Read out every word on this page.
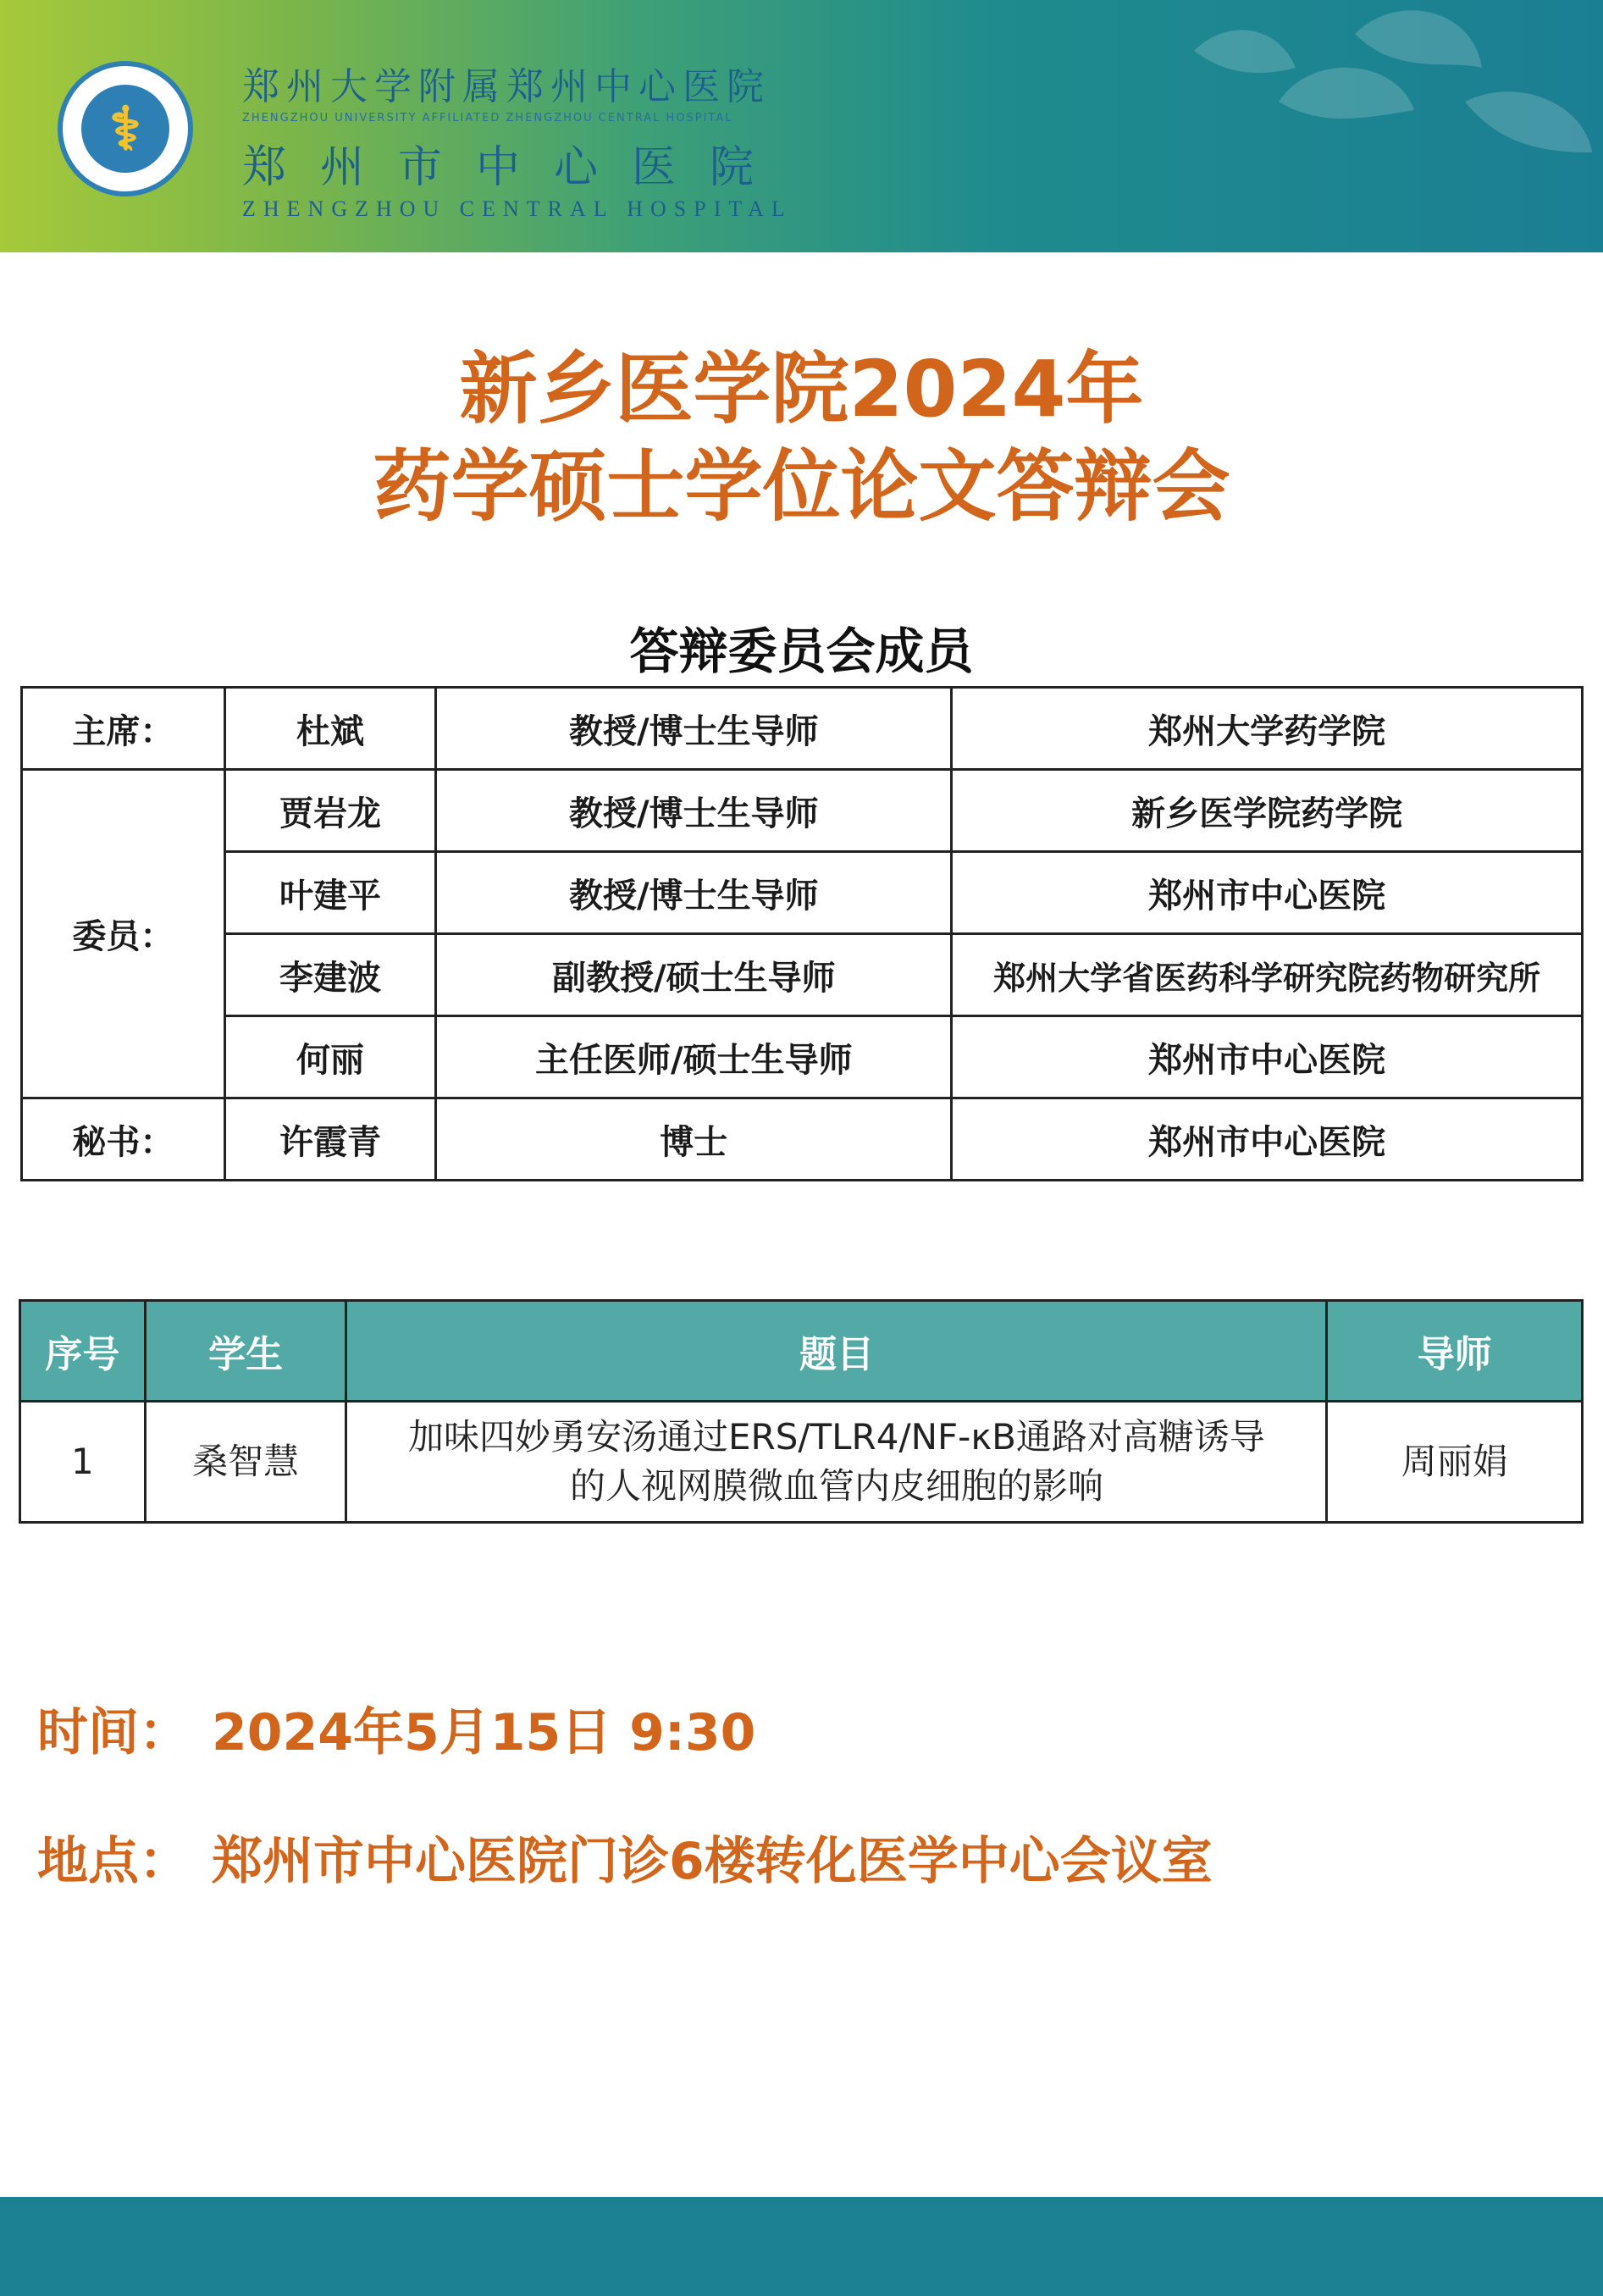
⚕
郑州大学附属郑州中心医院
ZHENGZHOU UNIVERSITY AFFILIATED ZHENGZHOU CENTRAL HOSPITAL
郑州市中心医院
ZHENGZHOU CENTRAL HOSPITAL
新乡医学院2024年
药学硕士学位论文答辩会
答辩委员会成员
主席：	杜斌	教授/博士生导师	郑州大学药学院
委员：	贾岩龙	教授/博士生导师	新乡医学院药学院
	叶建平	教授/博士生导师	郑州市中心医院
	李建波	副教授/硕士生导师	郑州大学省医药科学研究院药物研究所
	何丽	主任医师/硕士生导师	郑州市中心医院
秘书：	许霞青	博士	郑州市中心医院
序号	学生	题目	导师
1	桑智慧	加味四妙勇安汤通过ERS/TLR4/NF-κB通路对高糖诱导
的人视网膜微血管内皮细胞的影响	周丽娟
时间： 2024年5月15日 9:30
地点： 郑州市中心医院门诊6楼转化医学中心会议室
